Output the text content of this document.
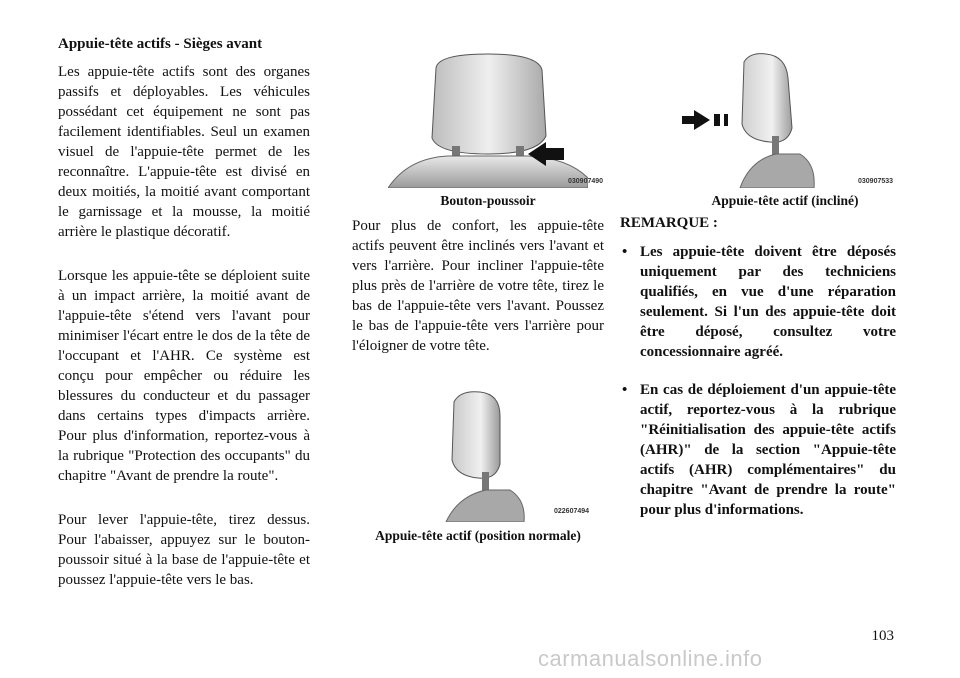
Appuie-tête actifs - Sièges avant

Les appuie-tête actifs sont des organes passifs et déployables. Les véhicules possédant cet équipement ne sont pas facilement identifiables. Seul un examen visuel de l'appuie-tête permet de les reconnaître. L'appuie-tête est divisé en deux moitiés, la moitié avant comportant le garnissage et la mousse, la moitié arrière le plastique décoratif.

Lorsque les appuie-tête se déploient suite à un impact arrière, la moitié avant de l'appuie-tête s'étend vers l'avant pour minimiser l'écart entre le dos de la tête de l'occupant et l'AHR. Ce système est conçu pour empêcher ou réduire les blessures du conducteur et du passager dans certains types d'impacts arrière. Pour plus d'information, reportez-vous à la rubrique "Protection des occupants" du chapitre "Avant de prendre la route".

Pour lever l'appuie-tête, tirez dessus. Pour l'abaisser, appuyez sur le bouton-poussoir situé à la base de l'appuie-tête et poussez l'appuie-tête vers le bas.

030907490
Bouton-poussoir
030907533
Appuie-tête actif (incliné)

Pour plus de confort, les appuie-tête actifs peuvent être inclinés vers l'avant et vers l'arrière. Pour incliner l'appuie-tête plus près de l'arrière de votre tête, tirez le bas de l'appuie-tête vers l'avant. Poussez le bas de l'appuie-tête vers l'arrière pour l'éloigner de votre tête.

022607494
Appuie-tête actif (position normale)
REMARQUE :
• Les appuie-tête doivent être déposés uniquement par des techniciens qualifiés, en vue d'une réparation seulement. Si l'un des appuie-tête doit être déposé, consultez votre concessionnaire agréé.
• En cas de déploiement d'un appuie-tête actif, reportez-vous à la rubrique "Réinitialisation des appuie-tête actifs (AHR)" de la section "Appuie-tête actifs (AHR) complémentaires" du chapitre "Avant de prendre la route" pour plus d'informations.
103
carmanualsonline.info
